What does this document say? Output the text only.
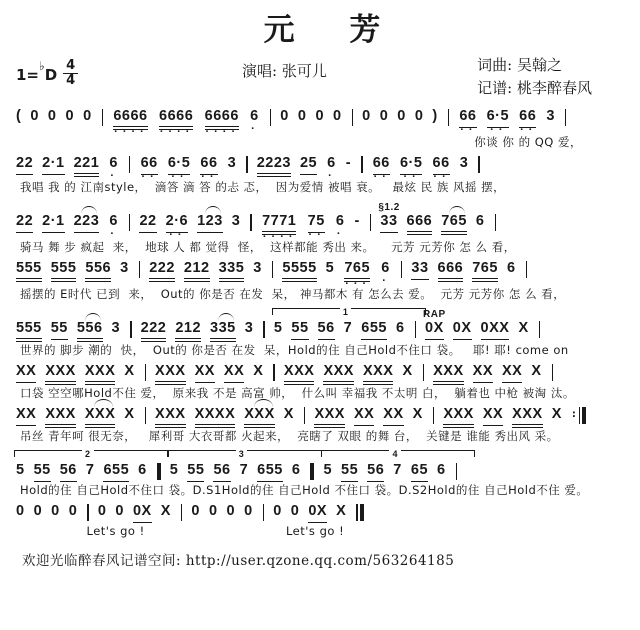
元 芳
$1=^♭D \frac{4}{4}$	演唱: 张可儿	词曲: 吴翰之
记谱: 桃李醉春风
( 0 0 0 0 6666
····
6666
····
6666
····
6
·
0 0 0 0 0 0 0 0 ) 66
··
6·5
··
66
··
3
你谈 你 的 QQ 爱，
22 2·1 221 6
·
66
··
6·5
··
66
··
3 2223 25 6
·
- 66
··
6·5
··
66
··
3
我唱 我 的 江南style，  滴答 滴 答 的忐 忑，  因为爱情 被唱 衰。   最炫 民 族 风摇 摆，
22 2·1 223 6
·
22 2·6
··
123 3 7771
····
75
··
6
·
-
§1.2
33 666 765 6
骑马 舞 步 疯起  来，  地球 人 都 觉得  怪，  这样都能 秀出 来。    元芳 元芳你 怎 么 看，
555 555 556 3 222 212 335 3 5555 5 765
···
6
·
33 666 765 6
摇摆的 E时代 已到  来，  Out的 你是否 在发  呆， 神马都木 有 怎么去 爱。  元芳 元芳你 怎 么 看，
555 55 556 3 222 212 335 3
1
5 55 56 7 655 6
RAP
0X 0X 0XX X
世界的 脚步 潮的  快，  Out的 你是否 在发  呆，Hold的住 自己Hold不住口 袋。   耶! 耶! come on
XX XXX XXX X XXX XX XX X XXX XXX XXX X XXX XX XX X
口袋 空空哪Hold不住 爱，  原来我 不是 高富 帅，  什么叫 幸福我 不太明 白，  躺着也 中枪 被淘 汰。
XX XXX XXX X XXX XXXX XXX X XXX XX XX X XXX XX XXX X :
吊丝 青年呵 很无奈，   犀利哥 大衣哥都 火起来，  亮瞎了 双眼 的舞 台，  关键是 谁能 秀出风 采。
2
5 55 56 7 655 6
3
5 55 56 7 655 6
4
5 55 56 7 65 6
Hold的住 自己Hold不住口 袋。D.S1Hold的住 自己Hold 不住口 袋。D.S2Hold的住 自己Hold不住 爱。
0 0 0 0 0 0 0X X 0 0 0 0 0 0 0X X
Let's go !                                  Let's go !
欢迎光临醉春风记谱空间: http://user.qzone.qq.com/563264185
